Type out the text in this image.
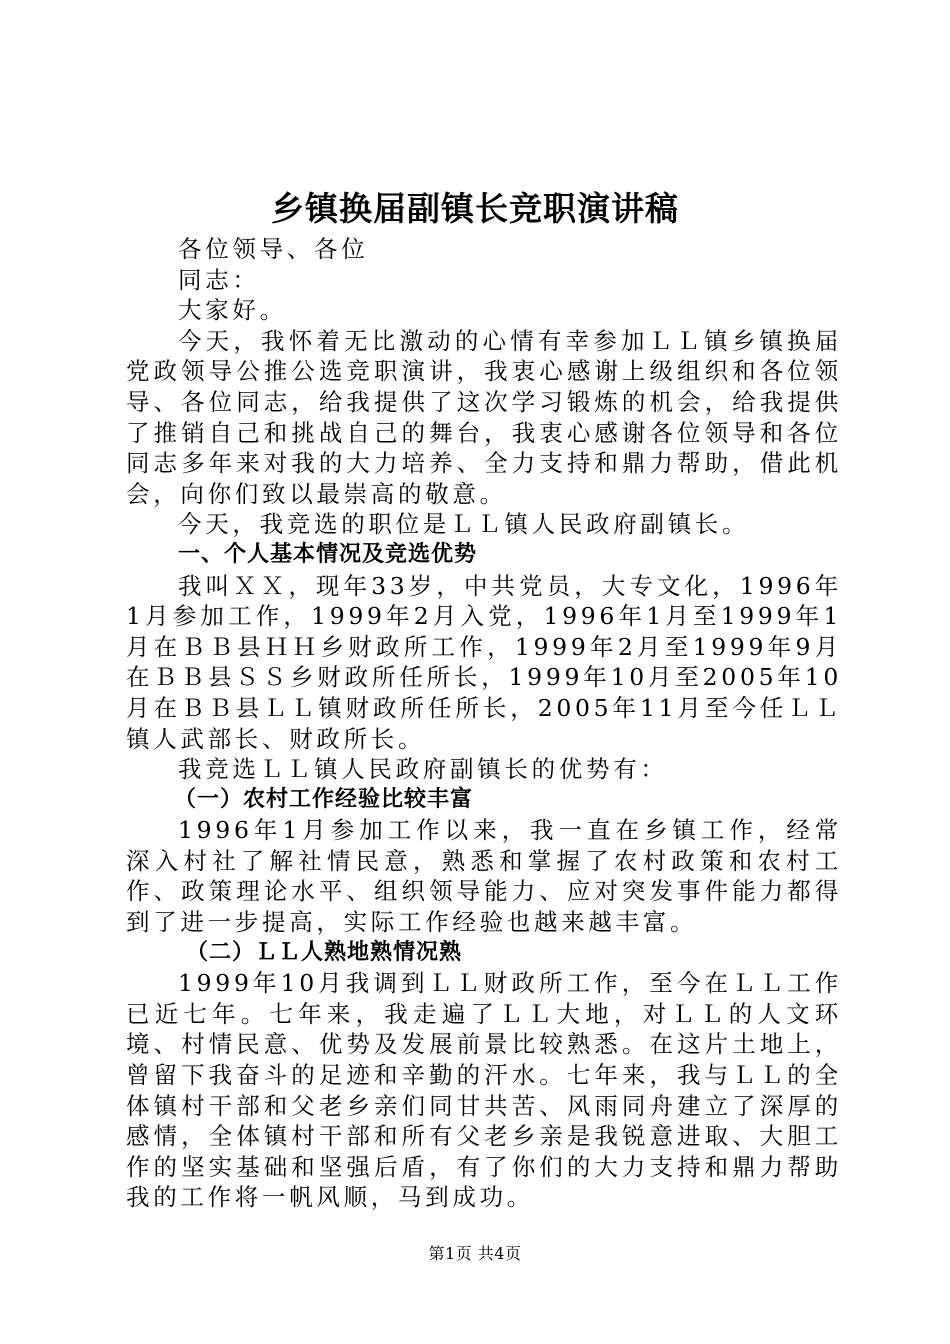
乡镇换届副镇长竞职演讲稿

各位领导、各位

同志：

大家好。

今天，我怀着无比激动的心情有幸参加ＬＬ镇乡镇换届党政领导公推公选竞职演讲，我衷心感谢上级组织和各位领导、各位同志，给我提供了这次学习锻炼的机会，给我提供了推销自己和挑战自己的舞台，我衷心感谢各位领导和各位同志多年来对我的大力培养、全力支持和鼎力帮助，借此机会，向你们致以最崇高的敬意。

今天，我竞选的职位是ＬＬ镇人民政府副镇长。

一、个人基本情况及竞选优势

我叫ＸＸ，现年33岁，中共党员，大专文化，1996年1月参加工作，1999年2月入党，1996年1月至1999年1月在ＢＢ县ＨＨ乡财政所工作，1999年2月至1999年9月在ＢＢ县ＳＳ乡财政所任所长，1999年10月至2005年10月在ＢＢ县ＬＬ镇财政所任所长，2005年11月至今任ＬＬ镇人武部长、财政所长。

我竞选ＬＬ镇人民政府副镇长的优势有：

（一）农村工作经验比较丰富

1996年1月参加工作以来，我一直在乡镇工作，经常深入村社了解社情民意，熟悉和掌握了农村政策和农村工作、政策理论水平、组织领导能力、应对突发事件能力都得到了进一步提高，实际工作经验也越来越丰富。

（二）ＬＬ人熟地熟情况熟

1999年10月我调到ＬＬ财政所工作，至今在ＬＬ工作已近七年。七年来，我走遍了ＬＬ大地，对ＬＬ的人文环境、村情民意、优势及发展前景比较熟悉。在这片土地上，曾留下我奋斗的足迹和辛勤的汗水。七年来，我与ＬＬ的全体镇村干部和父老乡亲们同甘共苦、风雨同舟建立了深厚的感情，全体镇村干部和所有父老乡亲是我锐意进取、大胆工作的坚实基础和坚强后盾，有了你们的大力支持和鼎力帮助我的工作将一帆风顺，马到成功。

第1页 共4页
